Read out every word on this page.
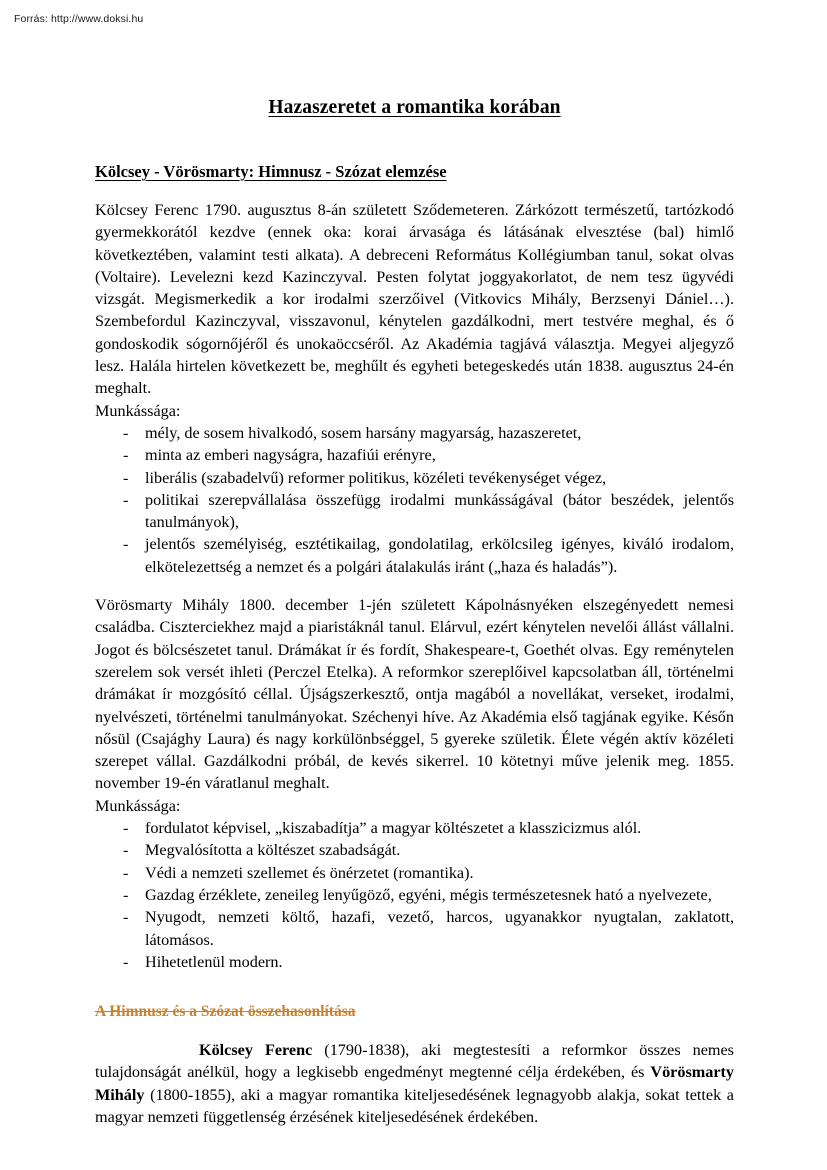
Forrás: http://www.doksi.hu
Hazaszeretet a romantika korában
Kölcsey - Vörösmarty: Himnusz - Szózat elemzése

Kölcsey Ferenc 1790. augusztus 8-án született Sződemeteren. Zárkózott természetű, tartózkodó gyermekkorától kezdve (ennek oka: korai árvasága és látásának elvesztése (bal) himlő következtében, valamint testi alkata). A debreceni Református Kollégiumban tanul, sokat olvas (Voltaire). Levelezni kezd Kazinczyval. Pesten folytat joggyakorlatot, de nem tesz ügyvédi vizsgát. Megismerkedik a kor irodalmi szerzőivel (Vitkovics Mihály, Berzsenyi Dániel…). Szembefordul Kazinczyval, visszavonul, kénytelen gazdálkodni, mert testvére meghal, és ő gondoskodik sógornőjéről és unokaöccséről. Az Akadémia tagjává választja. Megyei aljegyző lesz. Halála hirtelen következett be, meghűlt és egyheti betegeskedés után 1838. augusztus 24-én meghalt.

Munkássága:

- mély, de sosem hivalkodó, sosem harsány magyarság, hazaszeretet,
- minta az emberi nagyságra, hazafiúi erényre,
- liberális (szabadelvű) reformer politikus, közéleti tevékenységet végez,
- politikai szerepvállalása összefügg irodalmi munkásságával (bátor beszédek, jelentős tanulmányok),
- jelentős személyiség, esztétikailag, gondolatilag, erkölcsileg igényes, kiváló irodalom, elkötelezettség a nemzet és a polgári átalakulás iránt („haza és haladás”).

Vörösmarty Mihály 1800. december 1-jén született Kápolnásnyéken elszegényedett nemesi családba. Ciszterciekhez majd a piaristáknál tanul. Elárvul, ezért kénytelen nevelői állást vállalni. Jogot és bölcsészetet tanul. Drámákat ír és fordít, Shakespeare-t, Goethét olvas. Egy reménytelen szerelem sok versét ihleti (Perczel Etelka). A reformkor szereplőivel kapcsolatban áll, történelmi drámákat ír mozgósító céllal. Újságszerkesztő, ontja magából a novellákat, verseket, irodalmi, nyelvészeti, történelmi tanulmányokat. Széchenyi híve. Az Akadémia első tagjának egyike. Későn nősül (Csajághy Laura) és nagy korkülönbséggel, 5 gyereke születik. Élete végén aktív közéleti szerepet vállal. Gazdálkodni próbál, de kevés sikerrel. 10 kötetnyi műve jelenik meg. 1855. november 19-én váratlanul meghalt.

Munkássága:

- fordulatot képvisel, „kiszabadítja” a magyar költészetet a klasszicizmus alól.
- Megvalósította a költészet szabadságát.
- Védi a nemzeti szellemet és önérzetet (romantika).
- Gazdag érzéklete, zeneileg lenyűgöző, egyéni, mégis természetesnek ható a nyelvezete,
- Nyugodt, nemzeti költő, hazafi, vezető, harcos, ugyanakkor nyugtalan, zaklatott, látomásos.
- Hihetetlenül modern.
A Himnusz és a Szózat összehasonlítása

Kölcsey Ferenc (1790-1838), aki megtestesíti a reformkor összes nemes tulajdonságát anélkül, hogy a legkisebb engedményt megtenné célja érdekében, és Vörösmarty Mihály (1800-1855), aki a magyar romantika kiteljesedésének legnagyobb alakja, sokat tettek a magyar nemzeti függetlenség érzésének kiteljesedésének érdekében.
